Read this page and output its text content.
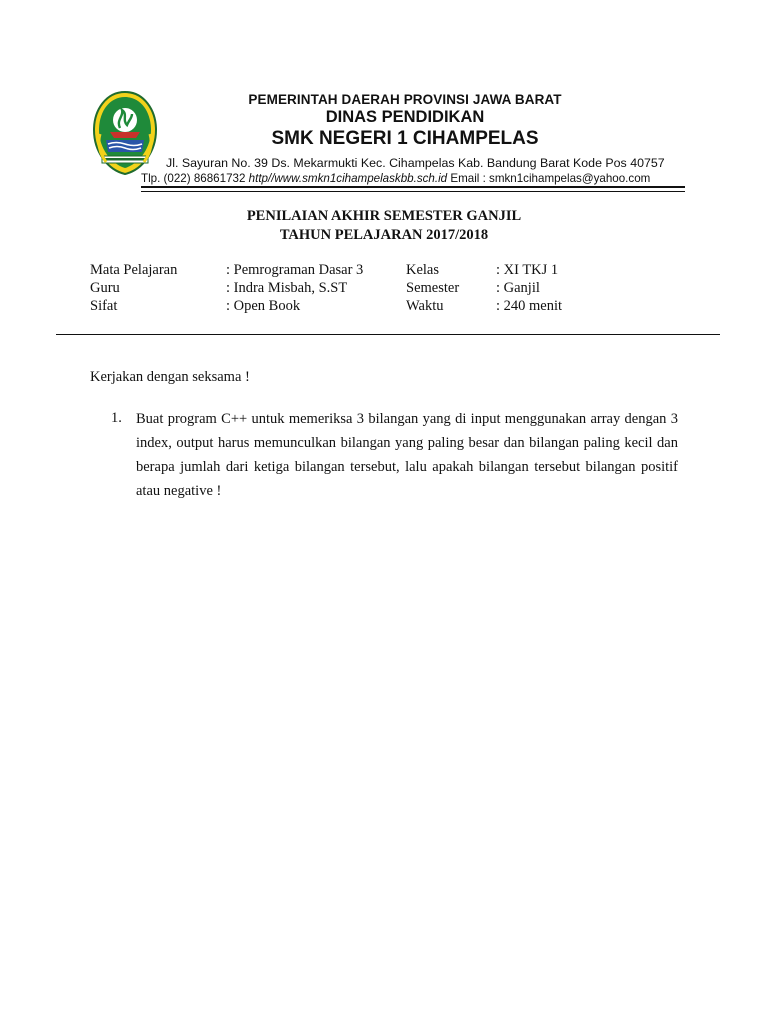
PEMERINTAH DAERAH PROVINSI JAWA BARAT
DINAS PENDIDIKAN
SMK NEGERI 1 CIHAMPELAS
Jl. Sayuran No. 39 Ds. Mekarmukti Kec. Cihampelas Kab. Bandung Barat Kode Pos 40757
Tlp. (022) 86861732 http//www.smkn1cihampelaskbb.sch.id Email : smkn1cihampelas@yahoo.com
PENILAIAN AKHIR SEMESTER GANJIL
TAHUN PELAJARAN 2017/2018
Mata Pelajaran	: Pemrograman Dasar 3	Kelas	: XI TKJ 1
Guru	: Indra Misbah, S.ST	Semester	: Ganjil
Sifat	: Open Book	Waktu	: 240 menit
Kerjakan dengan seksama !
1. Buat program C++ untuk memeriksa 3 bilangan yang di input menggunakan array dengan 3 index, output harus memunculkan bilangan yang paling besar dan bilangan paling kecil dan berapa jumlah dari ketiga bilangan tersebut, lalu apakah bilangan tersebut bilangan positif atau negative !
